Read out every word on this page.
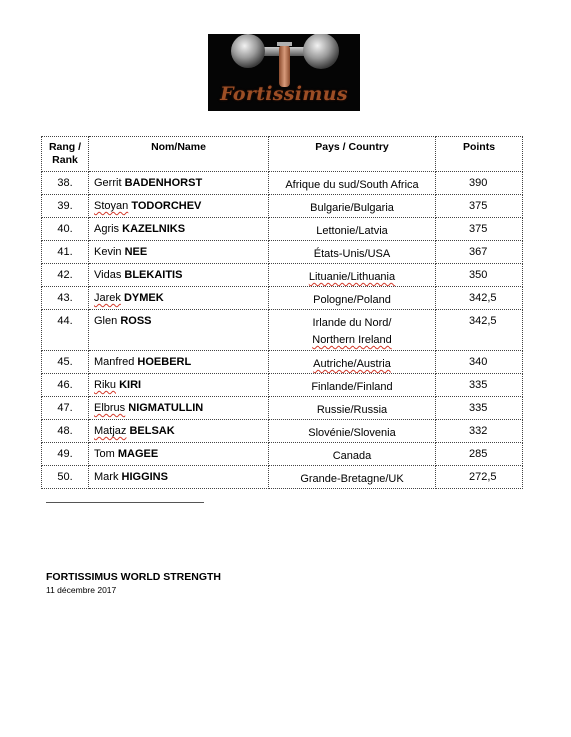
Fortissimus
Rang /
Rank	Nom/Name	Pays / Country	Points
38.	Gerrit BADENHORST	Afrique du sud/South Africa	390
39.	Stoyan TODORCHEV	Bulgarie/Bulgaria	375
40.	Agris KAZELNIKS	Lettonie/Latvia	375
41.	Kevin NEE	États-Unis/USA	367
42.	Vidas BLEKAITIS	Lituanie/Lithuania	350
43.	Jarek DYMEK	Pologne/Poland	342,5
44.	Glen ROSS	Irlande du Nord/
Northern Ireland	342,5
45.	Manfred HOEBERL	Autriche/Austria	340
46.	Riku KIRI	Finlande/Finland	335
47.	Elbrus NIGMATULLIN	Russie/Russia	335
48.	Matjaz BELSAK	Slovénie/Slovenia	332
49.	Tom MAGEE	Canada	285
50.	Mark HIGGINS	Grande-Bretagne/UK	272,5
FORTISSIMUS WORLD STRENGTH
11 décembre 2017
